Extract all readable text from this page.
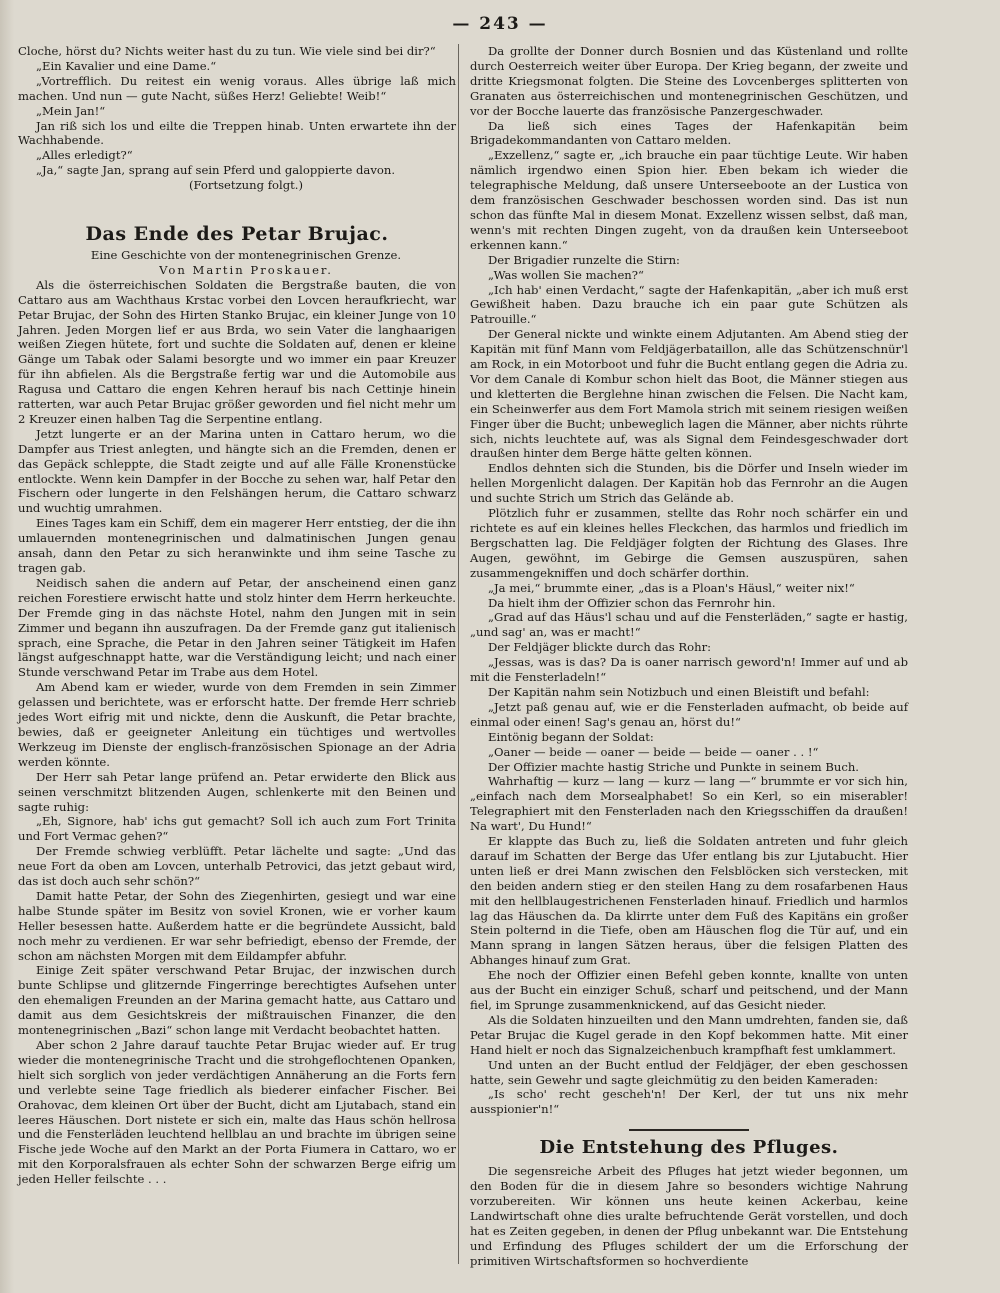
— 243 —

Cloche, hörst du? Nichts weiter hast du zu tun. Wie viele sind bei dir?“

„Ein Kavalier und eine Dame.“

„Vortrefflich. Du reitest ein wenig voraus. Alles übrige laß mich machen. Und nun — gute Nacht, süßes Herz! Geliebte! Weib!“

„Mein Jan!“

Jan riß sich los und eilte die Treppen hinab. Unten erwartete ihn der Wachhabende.

„Alles erledigt?“

„Ja,“ sagte Jan, sprang auf sein Pferd und galoppierte davon.

(Fortsetzung folgt.)

Das Ende des Petar Brujac.

Eine Geschichte von der montenegrinischen Grenze.

Von Martin Proskauer.

Als die österreichischen Soldaten die Bergstraße bauten, die von Cattaro aus am Wachthaus Krstac vorbei den Lovcen heraufkriecht, war Petar Brujac, der Sohn des Hirten Stanko Brujac, ein kleiner Junge von 10 Jahren. Jeden Morgen lief er aus Brda, wo sein Vater die langhaarigen weißen Ziegen hütete, fort und suchte die Soldaten auf, denen er kleine Gänge um Tabak oder Salami besorgte und wo immer ein paar Kreuzer für ihn abfielen. Als die Bergstraße fertig war und die Automobile aus Ragusa und Cattaro die engen Kehren herauf bis nach Cettinje hinein ratterten, war auch Petar Brujac größer geworden und fiel nicht mehr um 2 Kreuzer einen halben Tag die Serpentine entlang.

Jetzt lungerte er an der Marina unten in Cattaro herum, wo die Dampfer aus Triest anlegten, und hängte sich an die Fremden, denen er das Gepäck schleppte, die Stadt zeigte und auf alle Fälle Kronenstücke entlockte. Wenn kein Dampfer in der Bocche zu sehen war, half Petar den Fischern oder lungerte in den Felshängen herum, die Cattaro schwarz und wuchtig umrahmen.

Eines Tages kam ein Schiff, dem ein magerer Herr entstieg, der die ihn umlauernden montenegrinischen und dalmatinischen Jungen genau ansah, dann den Petar zu sich heranwinkte und ihm seine Tasche zu tragen gab.

Neidisch sahen die andern auf Petar, der anscheinend einen ganz reichen Forestiere erwischt hatte und stolz hinter dem Herrn herkeuchte. Der Fremde ging in das nächste Hotel, nahm den Jungen mit in sein Zimmer und begann ihn auszufragen. Da der Fremde ganz gut italienisch sprach, eine Sprache, die Petar in den Jahren seiner Tätigkeit im Hafen längst aufgeschnappt hatte, war die Verständigung leicht; und nach einer Stunde verschwand Petar im Trabe aus dem Hotel.

Am Abend kam er wieder, wurde von dem Fremden in sein Zimmer gelassen und berichtete, was er erforscht hatte. Der fremde Herr schrieb jedes Wort eifrig mit und nickte, denn die Auskunft, die Petar brachte, bewies, daß er geeigneter Anleitung ein tüchtiges und wertvolles Werkzeug im Dienste der englisch-französischen Spionage an der Adria werden könnte.

Der Herr sah Petar lange prüfend an. Petar erwiderte den Blick aus seinen verschmitzt blitzenden Augen, schlenkerte mit den Beinen und sagte ruhig:

„Eh, Signore, hab' ichs gut gemacht? Soll ich auch zum Fort Trinita und Fort Vermac gehen?“

Der Fremde schwieg verblüfft. Petar lächelte und sagte: „Und das neue Fort da oben am Lovcen, unterhalb Petrovici, das jetzt gebaut wird, das ist doch auch sehr schön?“

Damit hatte Petar, der Sohn des Ziegenhirten, gesiegt und war eine halbe Stunde später im Besitz von soviel Kronen, wie er vorher kaum Heller besessen hatte. Außerdem hatte er die begründete Aussicht, bald noch mehr zu verdienen. Er war sehr befriedigt, ebenso der Fremde, der schon am nächsten Morgen mit dem Eildampfer abfuhr.

Einige Zeit später verschwand Petar Brujac, der inzwischen durch bunte Schlipse und glitzernde Fingerringe berechtigtes Aufsehen unter den ehemaligen Freunden an der Marina gemacht hatte, aus Cattaro und damit aus dem Gesichtskreis der mißtrauischen Finanzer, die den montenegrinischen „Bazi“ schon lange mit Verdacht beobachtet hatten.

Aber schon 2 Jahre darauf tauchte Petar Brujac wieder auf. Er trug wieder die montenegrinische Tracht und die strohgeflochtenen Opanken, hielt sich sorglich von jeder verdächtigen Annäherung an die Forts fern und verlebte seine Tage friedlich als biederer einfacher Fischer. Bei Orahovac, dem kleinen Ort über der Bucht, dicht am Ljutabach, stand ein leeres Häuschen. Dort nistete er sich ein, malte das Haus schön hellrosa und die Fensterläden leuchtend hellblau an und brachte im übrigen seine Fische jede Woche auf den Markt an der Porta Fiumera in Cattaro, wo er mit den Korporalsfrauen als echter Sohn der schwarzen Berge eifrig um jeden Heller feilschte . . .

Da grollte der Donner durch Bosnien und das Küstenland und rollte durch Oesterreich weiter über Europa. Der Krieg begann, der zweite und dritte Kriegsmonat folgten. Die Steine des Lovcenberges splitterten von Granaten aus österreichischen und montenegrinischen Geschützen, und vor der Bocche lauerte das französische Panzergeschwader.

Da ließ sich eines Tages der Hafenkapitän beim Brigadekommandanten von Cattaro melden.

„Exzellenz,“ sagte er, „ich brauche ein paar tüchtige Leute. Wir haben nämlich irgendwo einen Spion hier. Eben bekam ich wieder die telegraphische Meldung, daß unsere Unterseeboote an der Lustica von dem französischen Geschwader beschossen worden sind. Das ist nun schon das fünfte Mal in diesem Monat. Exzellenz wissen selbst, daß man, wenn's mit rechten Dingen zugeht, von da draußen kein Unterseeboot erkennen kann.“

Der Brigadier runzelte die Stirn:

„Was wollen Sie machen?“

„Ich hab' einen Verdacht,“ sagte der Hafenkapitän, „aber ich muß erst Gewißheit haben. Dazu brauche ich ein paar gute Schützen als Patrouille.“

Der General nickte und winkte einem Adjutanten. Am Abend stieg der Kapitän mit fünf Mann vom Feldjägerbataillon, alle das Schützenschnür'l am Rock, in ein Motorboot und fuhr die Bucht entlang gegen die Adria zu. Vor dem Canale di Kombur schon hielt das Boot, die Männer stiegen aus und kletterten die Berglehne hinan zwischen die Felsen. Die Nacht kam, ein Scheinwerfer aus dem Fort Mamola strich mit seinem riesigen weißen Finger über die Bucht; unbeweglich lagen die Männer, aber nichts rührte sich, nichts leuchtete auf, was als Signal dem Feindesgeschwader dort draußen hinter dem Berge hätte gelten können.

Endlos dehnten sich die Stunden, bis die Dörfer und Inseln wieder im hellen Morgenlicht dalagen. Der Kapitän hob das Fernrohr an die Augen und suchte Strich um Strich das Gelände ab.

Plötzlich fuhr er zusammen, stellte das Rohr noch schärfer ein und richtete es auf ein kleines helles Fleckchen, das harmlos und friedlich im Bergschatten lag. Die Feldjäger folgten der Richtung des Glases. Ihre Augen, gewöhnt, im Gebirge die Gemsen auszuspüren, sahen zusammengekniffen und doch schärfer dorthin.

„Ja mei,“ brummte einer, „das is a Ploan's Häusl,“ weiter nix!“

Da hielt ihm der Offizier schon das Fernrohr hin.

„Grad auf das Häus'l schau und auf die Fensterläden,“ sagte er hastig, „und sag' an, was er macht!“

Der Feldjäger blickte durch das Rohr:

„Jessas, was is das? Da is oaner narrisch geword'n! Immer auf und ab mit die Fensterladeln!“

Der Kapitän nahm sein Notizbuch und einen Bleistift und befahl:

„Jetzt paß genau auf, wie er die Fensterladen aufmacht, ob beide auf einmal oder einen! Sag's genau an, hörst du!“

Eintönig begann der Soldat:

„Oaner — beide — oaner — beide — beide — oaner . . !“

Der Offizier machte hastig Striche und Punkte in seinem Buch.

Wahrhaftig — kurz — lang — kurz — lang —“ brummte er vor sich hin, „einfach nach dem Morsealphabet! So ein Kerl, so ein miserabler! Telegraphiert mit den Fensterladen nach den Kriegsschiffen da draußen! Na wart', Du Hund!“

Er klappte das Buch zu, ließ die Soldaten antreten und fuhr gleich darauf im Schatten der Berge das Ufer entlang bis zur Ljutabucht. Hier unten ließ er drei Mann zwischen den Felsblöcken sich verstecken, mit den beiden andern stieg er den steilen Hang zu dem rosafarbenen Haus mit den hellblaugestrichenen Fensterladen hinauf. Friedlich und harmlos lag das Häuschen da. Da klirrte unter dem Fuß des Kapitäns ein großer Stein polternd in die Tiefe, oben am Häuschen flog die Tür auf, und ein Mann sprang in langen Sätzen heraus, über die felsigen Platten des Abhanges hinauf zum Grat.

Ehe noch der Offizier einen Befehl geben konnte, knallte von unten aus der Bucht ein einziger Schuß, scharf und peitschend, und der Mann fiel, im Sprunge zusammenknickend, auf das Gesicht nieder.

Als die Soldaten hinzueilten und den Mann umdrehten, fanden sie, daß Petar Brujac die Kugel gerade in den Kopf bekommen hatte. Mit einer Hand hielt er noch das Signalzeichenbuch krampfhaft fest umklammert.

Und unten an der Bucht entlud der Feldjäger, der eben geschossen hatte, sein Gewehr und sagte gleichmütig zu den beiden Kameraden:

„Is scho' recht gescheh'n! Der Kerl, der tut uns nix mehr ausspionier'n!“

Die Entstehung des Pfluges.

Die segensreiche Arbeit des Pfluges hat jetzt wieder begonnen, um den Boden für die in diesem Jahre so besonders wichtige Nahrung vorzubereiten. Wir können uns heute keinen Ackerbau, keine Landwirtschaft ohne dies uralte befruchtende Gerät vorstellen, und doch hat es Zeiten gegeben, in denen der Pflug unbekannt war. Die Entstehung und Erfindung des Pfluges schildert der um die Erforschung der primitiven Wirtschaftsformen so hochverdiente
